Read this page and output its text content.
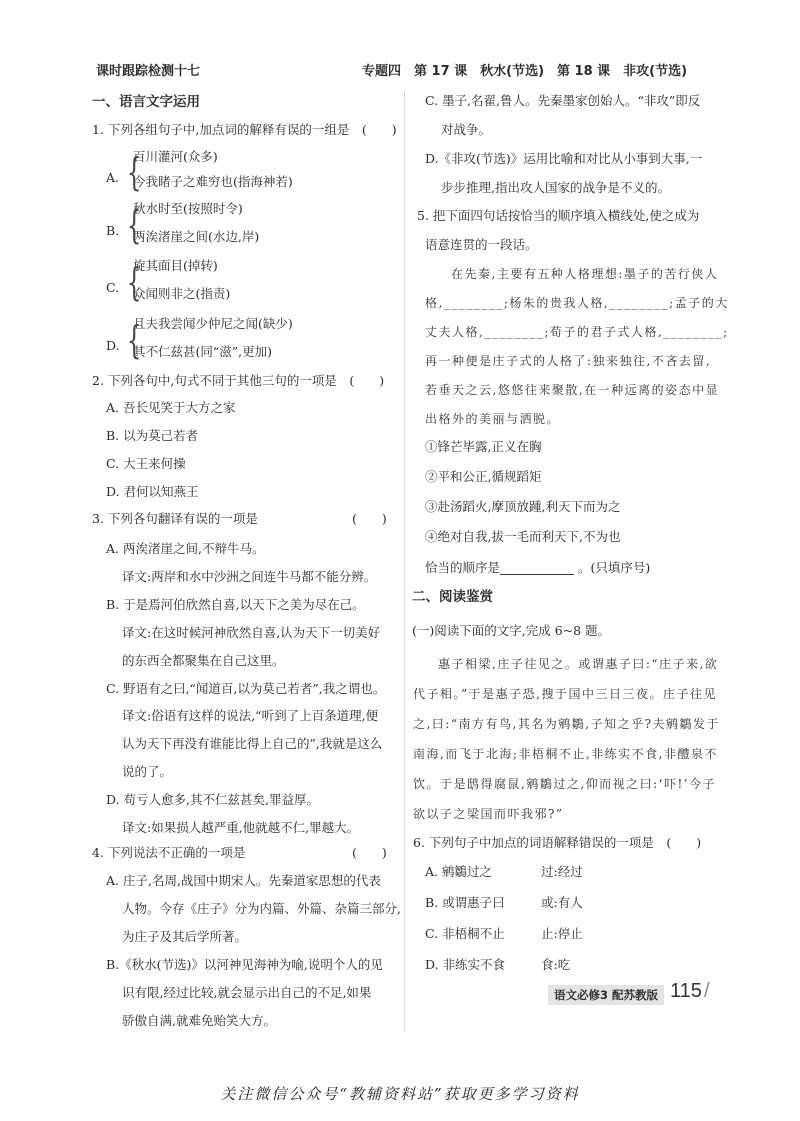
课时跟踪检测十七	专题四　第 17 课　秋水(节选)　第 18 课　非攻(节选)
一、语言文字运用
1. 下列各组句子中,加点词的解释有误的一组是　(　　)
A.
百川灌河(众多)
今我睹子之难穷也(指海神若)
{
B.
秋水时至(按照时令)
两涘渚崖之间(水边,岸)
{
C.
旋其面目(掉转)
众闻则非之(指责)
{
D.
且夫我尝闻少仲尼之闻(缺少)
其不仁兹甚(同“滋”,更加)
{
2. 下列各句中,句式不同于其他三句的一项是　(　　)
A. 吾长见笑于大方之家
B. 以为莫己若者
C. 大王来何操
D. 君何以知燕王
3. 下列各句翻译有误的一项是	(　　)
A. 两涘渚崖之间,不辩牛马。
译文:两岸和水中沙洲之间连牛马都不能分辨。
B. 于是焉河伯欣然自喜,以天下之美为尽在己。
译文:在这时候河神欣然自喜,认为天下一切美好
的东西全都聚集在自己这里。
C. 野语有之曰,“闻道百,以为莫己若者”,我之谓也。
译文:俗语有这样的说法,“听到了上百条道理,便
认为天下再没有谁能比得上自己的”,我就是这么
说的了。
D. 苟亏人愈多,其不仁兹甚矣,罪益厚。
译文:如果损人越严重,他就越不仁,罪越大。
4. 下列说法不正确的一项是	(　　)
A. 庄子,名周,战国中期宋人。先秦道家思想的代表
人物。今存《庄子》分为内篇、外篇、杂篇三部分,
为庄子及其后学所著。
B.《秋水(节选)》以河神见海神为喻,说明个人的见
识有限,经过比较,就会显示出自己的不足,如果
骄傲自满,就难免贻笑大方。
C. 墨子,名翟,鲁人。先秦墨家创始人。“非攻”即反
对战争。
D.《非攻(节选)》运用比喻和对比从小事到大事,一
步步推理,指出攻人国家的战争是不义的。
5. 把下面四句话按恰当的顺序填入横线处,使之成为
语意连贯的一段话。
在先秦,主要有五种人格理想:墨子的苦行侠人
格,________;杨朱的贵我人格,________;孟子的大
丈夫人格,________;荀子的君子式人格,________;
再一种便是庄子式的人格了:独来独往,不吝去留,
若垂天之云,悠悠往来聚散,在一种远离的姿态中显
出格外的美丽与洒脱。
①锋芒毕露,正义在胸
②平和公正,循规蹈矩
③赴汤蹈火,摩顶放踵,利天下而为之
④绝对自我,拔一毛而利天下,不为也
恰当的顺序是	。(只填序号)
二、阅读鉴赏
(一)阅读下面的文字,完成 6~8 题。
惠子相梁,庄子往见之。或谓惠子曰:“庄子来,欲
代子相。”于是惠子恐,搜于国中三日三夜。庄子往见
之,曰:“南方有鸟,其名为鹓鶵,子知之乎?夫鹓鶵发于
南海,而飞于北海;非梧桐不止,非练实不食,非醴泉不
饮。于是鸱得腐鼠,鹓鶵过之,仰而视之曰:‘吓!’今子
欲以子之梁国而吓我邪?”
6. 下列句子中加点的词语解释错误的一项是　(　　)
A. 鹓鶵过之	过:经过
B. 或谓惠子曰	或:有人
C. 非梧桐不止	止:停止
D. 非练实不食	食:吃
语文必修3 配苏教版 115 /
关注微信公众号“教辅资料站”获取更多学习资料
